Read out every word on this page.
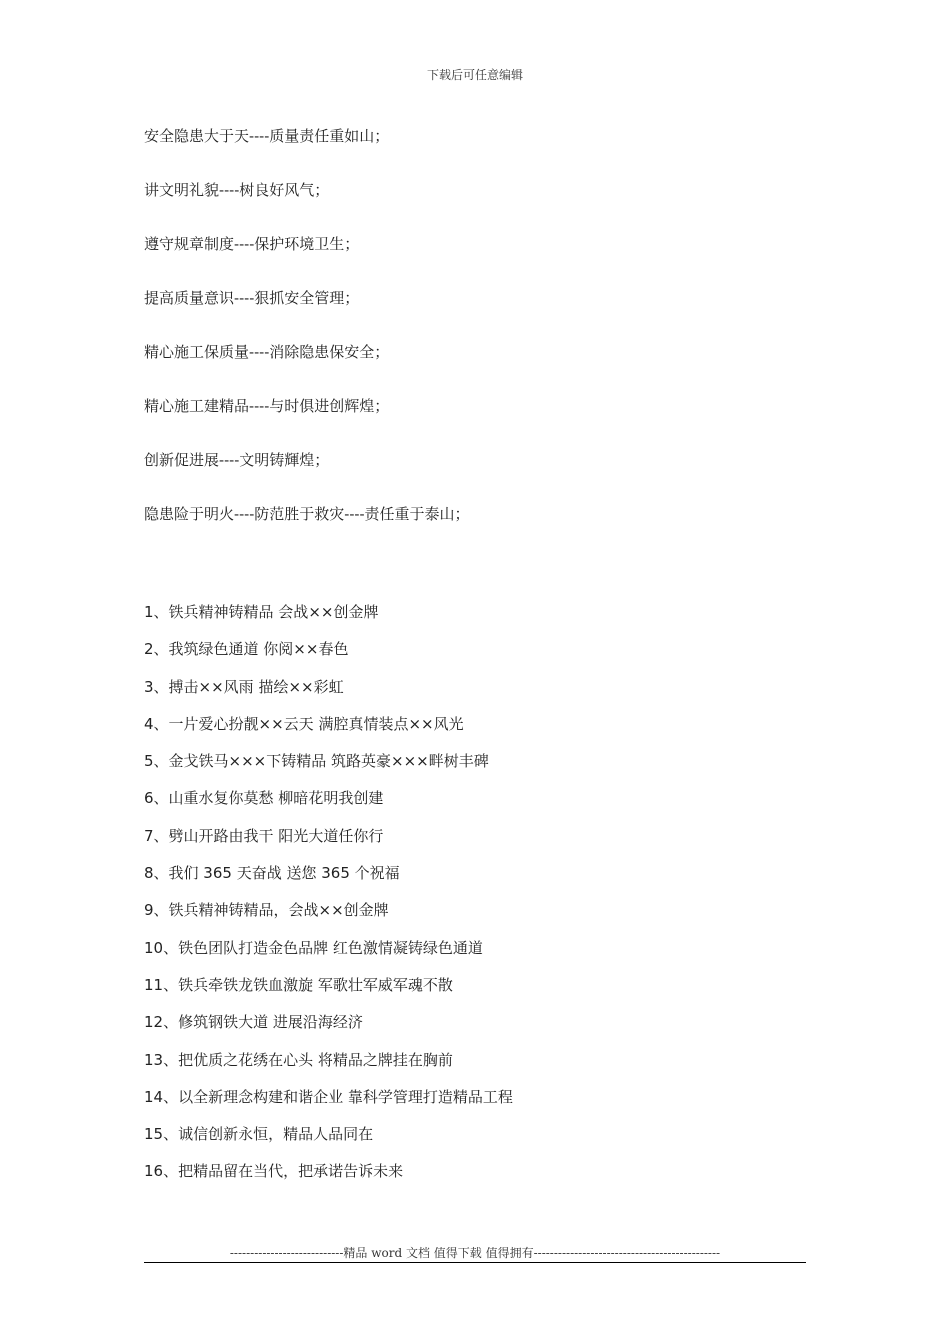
下载后可任意编辑
安全隐患大于天----质量责任重如山；
讲文明礼貌----树良好风气；
遵守规章制度----保护环境卫生；
提高质量意识----狠抓安全管理；
精心施工保质量----消除隐患保安全；
精心施工建精品----与时俱进创辉煌；
创新促进展----文明铸輝煌；
隐患险于明火----防范胜于救灾----责任重于泰山；
1、铁兵精神铸精品 会战××创金牌
2、我筑绿色通道 你阅××春色
3、搏击××风雨 描绘××彩虹
4、一片爱心扮靓××云天 满腔真情装点××风光
5、金戈铁马×××下铸精品 筑路英豪×××畔树丰碑
6、山重水复你莫愁 柳暗花明我创建
7、劈山开路由我干 阳光大道任你行
8、我们 365 天奋战 送您 365 个祝福
9、铁兵精神铸精品，会战××创金牌
10、铁色团队打造金色品牌 红色激情凝铸绿色通道
11、铁兵牵铁龙铁血激旋 军歌壮军威军魂不散
12、修筑钢铁大道 进展沿海经济
13、把优质之花绣在心头 将精品之牌挂在胸前
14、以全新理念构建和谐企业 靠科学管理打造精品工程
15、诚信创新永恒，精品人品同在
16、把精品留在当代，把承诺告诉未来
----------------------------精品 word 文档 值得下载 值得拥有----------------------------------------------
